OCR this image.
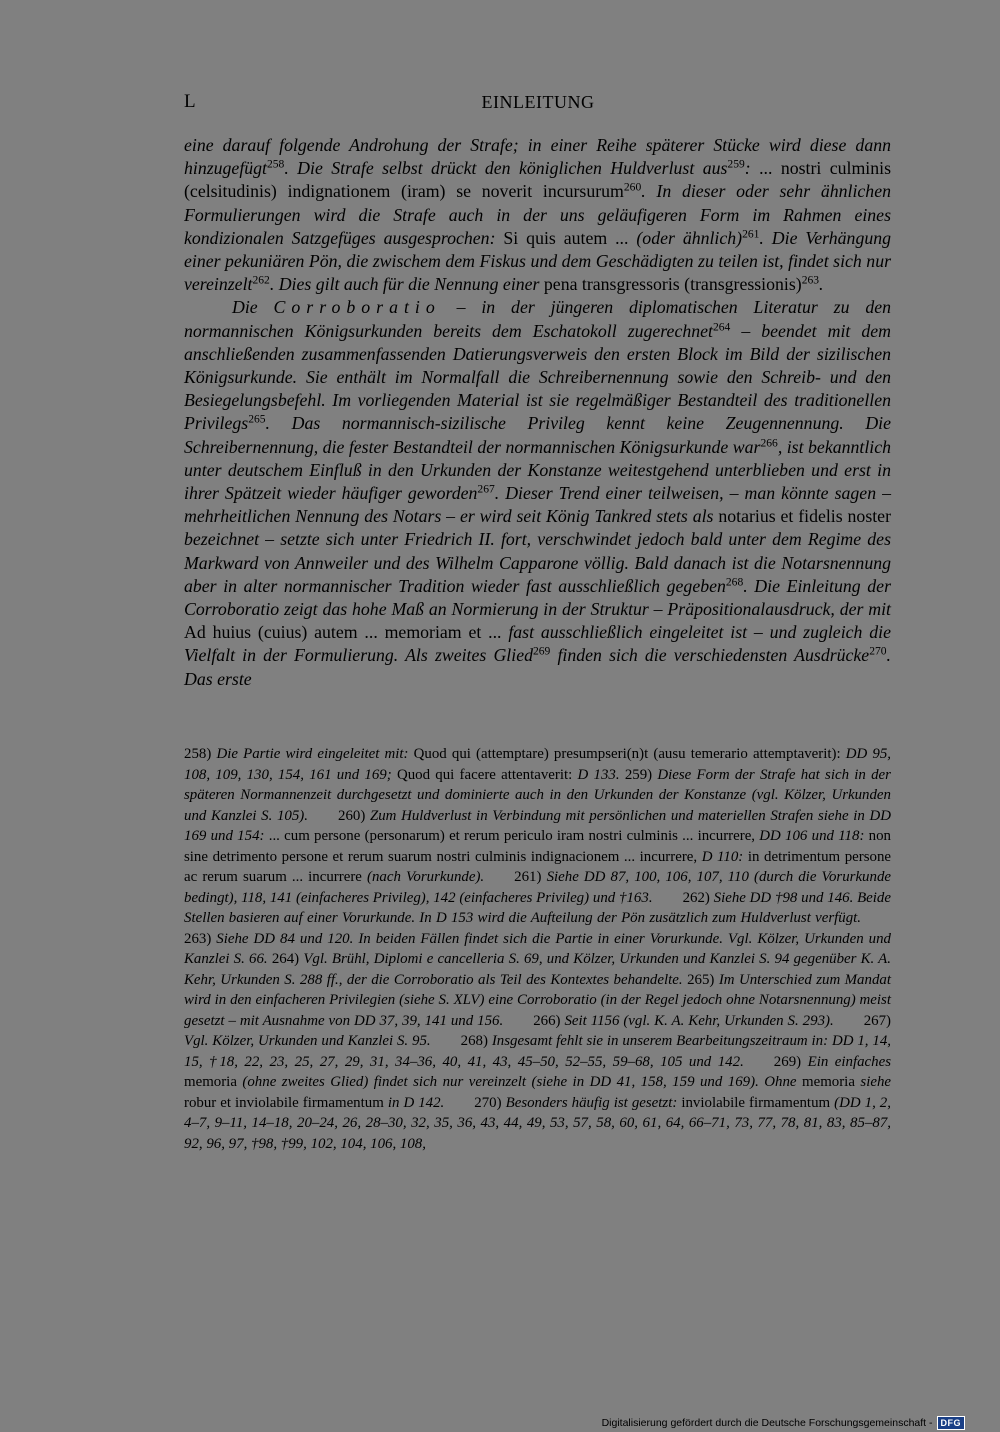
L	EINLEITUNG

eine darauf folgende Androhung der Strafe; in einer Reihe späterer Stücke wird diese dann hinzugefügt$^{258}$. Die Strafe selbst drückt den königlichen Huldverlust aus$^{259}$: ... nostri culminis (celsitudinis) indignationem (iram) se noverit incursurum$^{260}$. In dieser oder sehr ähnlichen Formulierungen wird die Strafe auch in der uns geläufigeren Form im Rahmen eines kondizionalen Satzgefüges ausgesprochen: Si quis autem ... (oder ähnlich)$^{261}$. Die Verhängung einer pekuniären Pön, die zwischem dem Fiskus und dem Geschädigten zu teilen ist, findet sich nur vereinzelt$^{262}$. Dies gilt auch für die Nennung einer pena transgressoris (transgressionis)$^{263}$.

Die Corroboratio – in der jüngeren diplomatischen Literatur zu den normannischen Königsurkunden bereits dem Eschatokoll zugerechnet$^{264}$ – beendet mit dem anschließenden zusammenfassenden Datierungsverweis den ersten Block im Bild der sizilischen Königsurkunde. Sie enthält im Normalfall die Schreibernennung sowie den Schreib- und den Besiegelungsbefehl. Im vorliegenden Material ist sie regelmäßiger Bestandteil des traditionellen Privilegs$^{265}$. Das normannisch-sizilische Privileg kennt keine Zeugennennung. Die Schreibernennung, die fester Bestandteil der normannischen Königsurkunde war$^{266}$, ist bekanntlich unter deutschem Einfluß in den Urkunden der Konstanze weitestgehend unterblieben und erst in ihrer Spätzeit wieder häufiger geworden$^{267}$. Dieser Trend einer teilweisen, – man könnte sagen – mehrheitlichen Nennung des Notars – er wird seit König Tankred stets als notarius et fidelis noster bezeichnet – setzte sich unter Friedrich II. fort, verschwindet jedoch bald unter dem Regime des Markward von Annweiler und des Wilhelm Capparone völlig. Bald danach ist die Notarsnennung aber in alter normannischer Tradition wieder fast ausschließlich gegeben$^{268}$. Die Einleitung der Corroboratio zeigt das hohe Maß an Normierung in der Struktur – Präpositionalausdruck, der mit Ad huius (cuius) autem ... memoriam et ... fast ausschließlich eingeleitet ist – und zugleich die Vielfalt in der Formulierung. Als zweites Glied$^{269}$ finden sich die verschiedensten Ausdrücke$^{270}$. Das erste

258) Die Partie wird eingeleitet mit: Quod qui (attemptare) presumpseri(n)t (ausu temerario attemptaverit): DD 95, 108, 109, 130, 154, 161 und 169; Quod qui facere attentaverit: D 133. 259) Diese Form der Strafe hat sich in der späteren Normannenzeit durchgesetzt und dominierte auch in den Urkunden der Konstanze (vgl. Kölzer, Urkunden und Kanzlei S. 105). 260) Zum Huldverlust in Verbindung mit persönlichen und materiellen Strafen siehe in DD 169 und 154: ... cum persone (personarum) et rerum periculo iram nostri culminis ... incurrere, DD 106 und 118: non sine detrimento persone et rerum suarum nostri culminis indignacionem ... incurrere, D 110: in detrimentum persone ac rerum suarum ... incurrere (nach Vorurkunde). 261) Siehe DD 87, 100, 106, 107, 110 (durch die Vorurkunde bedingt), 118, 141 (einfacheres Privileg), 142 (einfacheres Privileg) und †163. 262) Siehe DD †98 und 146. Beide Stellen basieren auf einer Vorurkunde. In D 153 wird die Aufteilung der Pön zusätzlich zum Huldverlust verfügt.263) Siehe DD 84 und 120. In beiden Fällen findet sich die Partie in einer Vorurkunde. Vgl. Kölzer, Urkunden und Kanzlei S. 66. 264) Vgl. Brühl, Diplomi e cancelleria S. 69, und Kölzer, Urkunden und Kanzlei S. 94 gegenüber K. A. Kehr, Urkunden S. 288 ff., der die Corroboratio als Teil des Kontextes behandelte. 265) Im Unterschied zum Mandat wird in den einfacheren Privilegien (siehe S. XLV) eine Corroboratio (in der Regel jedoch ohne Notarsnennung) meist gesetzt – mit Ausnahme von DD 37, 39, 141 und 156. 266) Seit 1156 (vgl. K. A. Kehr, Urkunden S. 293). 267) Vgl. Kölzer, Urkunden und Kanzlei S. 95. 268) Insgesamt fehlt sie in unserem Bearbeitungszeitraum in: DD 1, 14, 15, †18, 22, 23, 25, 27, 29, 31, 34–36, 40, 41, 43, 45–50, 52–55, 59–68, 105 und 142. 269) Ein einfaches memoria (ohne zweites Glied) findet sich nur vereinzelt (siehe in DD 41, 158, 159 und 169). Ohne memoria siehe robur et inviolabile firmamentum in D 142. 270) Besonders häufig ist gesetzt: inviolabile firmamentum (DD 1, 2, 4–7, 9–11, 14–18, 20–24, 26, 28–30, 32, 35, 36, 43, 44, 49, 53, 57, 58, 60, 61, 64, 66–71, 73, 77, 78, 81, 83, 85–87, 92, 96, 97, †98, †99, 102, 104, 106, 108,

Digitalisierung gefördert durch die Deutsche Forschungsgemeinschaft - DFG
